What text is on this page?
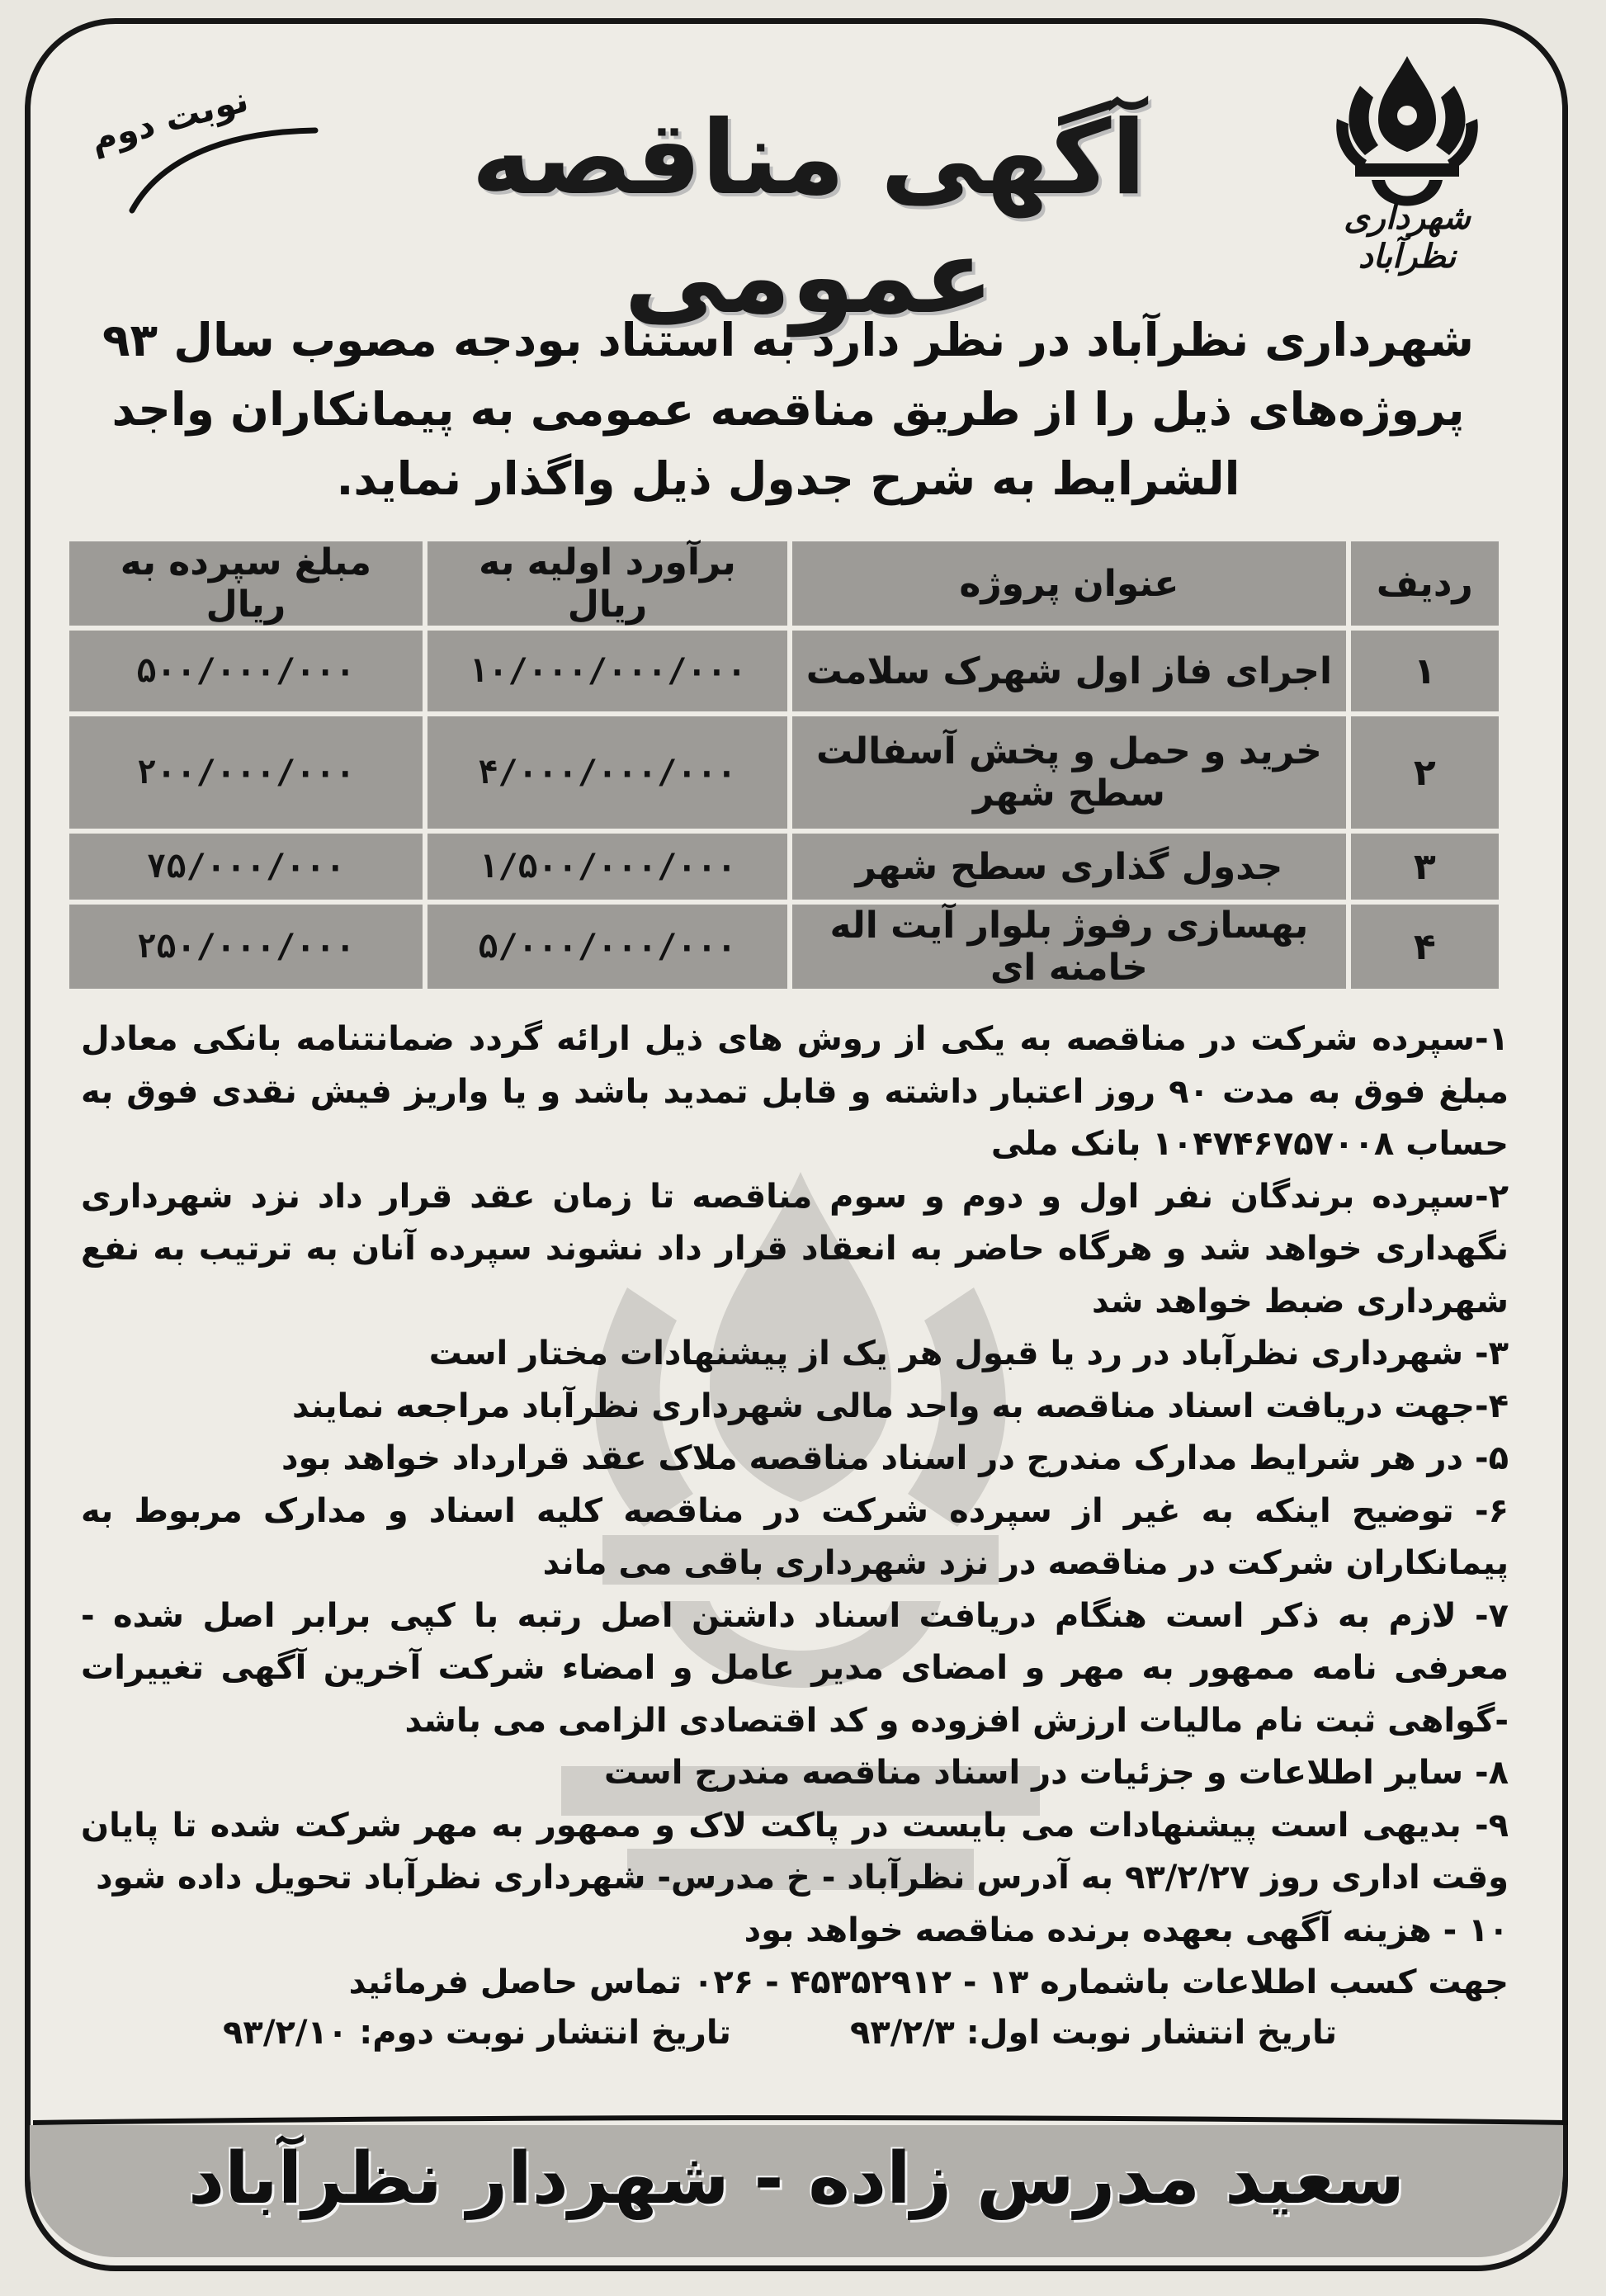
شهرداری نظرآباد
آگهی مناقصه عمومی
نوبت دوم
شهرداری نظرآباد در نظر دارد به استناد بودجه مصوب سال ۹۳ پروژه‌های ذیل را از طریق مناقصه عمومی به پیمانکاران واجد الشرایط به شرح جدول ذیل واگذار نماید.
ردیف	عنوان پروژه	برآورد اولیه به ریال	مبلغ سپرده به ریال
۱	اجرای فاز اول شهرک سلامت	۱۰/۰۰۰/۰۰۰/۰۰۰	۵۰۰/۰۰۰/۰۰۰
۲	خرید و حمل و پخش آسفالت سطح شهر	۴/۰۰۰/۰۰۰/۰۰۰	۲۰۰/۰۰۰/۰۰۰
۳	جدول گذاری سطح شهر	۱/۵۰۰/۰۰۰/۰۰۰	۷۵/۰۰۰/۰۰۰
۴	بهسازی رفوژ بلوار آیت اله خامنه ای	۵/۰۰۰/۰۰۰/۰۰۰	۲۵۰/۰۰۰/۰۰۰

۱-سپرده شرکت در مناقصه به یکی از روش های ذیل ارائه گردد ضمانتنامه بانکی معادل مبلغ فوق به مدت ۹۰ روز اعتبار داشته و قابل تمدید باشد و یا واریز فیش نقدی فوق به حساب ۱۰۴۷۴۶۷۵۷۰۰۸ بانک ملی

۲-سپرده برندگان نفر اول و دوم و سوم مناقصه تا زمان عقد قرار داد نزد شهرداری نگهداری خواهد شد و هرگاه حاضر به انعقاد قرار داد نشوند سپرده آنان به ترتیب به نفع شهرداری ضبط خواهد شد

۳- شهرداری نظرآباد در رد یا قبول هر یک از پیشنهادات مختار است

۴-جهت دریافت اسناد مناقصه به واحد مالی شهرداری نظرآباد مراجعه نمایند

۵- در هر شرایط مدارک مندرج در اسناد مناقصه ملاک عقد قرارداد خواهد بود

۶- توضیح اینکه به غیر از سپرده شرکت در مناقصه کلیه اسناد و مدارک مربوط به پیمانکاران شرکت در مناقصه در نزد شهرداری باقی می ماند

۷- لازم به ذکر است هنگام دریافت اسناد داشتن اصل رتبه با کپی برابر اصل شده - معرفی نامه ممهور به مهر و امضای مدیر عامل و امضاء شرکت آخرین آگهی تغییرات -گواهی ثبت نام مالیات ارزش افزوده و کد اقتصادی الزامی می باشد

۸- سایر اطلاعات و جزئیات در اسناد مناقصه مندرج است

۹- بدیهی است پیشنهادات می بایست در پاکت لاک و ممهور به مهر شرکت شده تا پایان وقت اداری روز ۹۳/۲/۲۷ به آدرس نظرآباد - خ مدرس- شهرداری نظرآباد تحویل داده شود

۱۰ - هزینه آگهی بعهده برنده مناقصه خواهد بود

جهت کسب اطلاعات باشماره ۱۳ - ۴۵۳۵۲۹۱۲ - ۰۲۶ تماس حاصل فرمائید

تاریخ انتشار نوبت اول: ۹۳/۲/۳
تاریخ انتشار نوبت دوم: ۹۳/۲/۱۰
سعید مدرس زاده - شهردار نظرآباد
